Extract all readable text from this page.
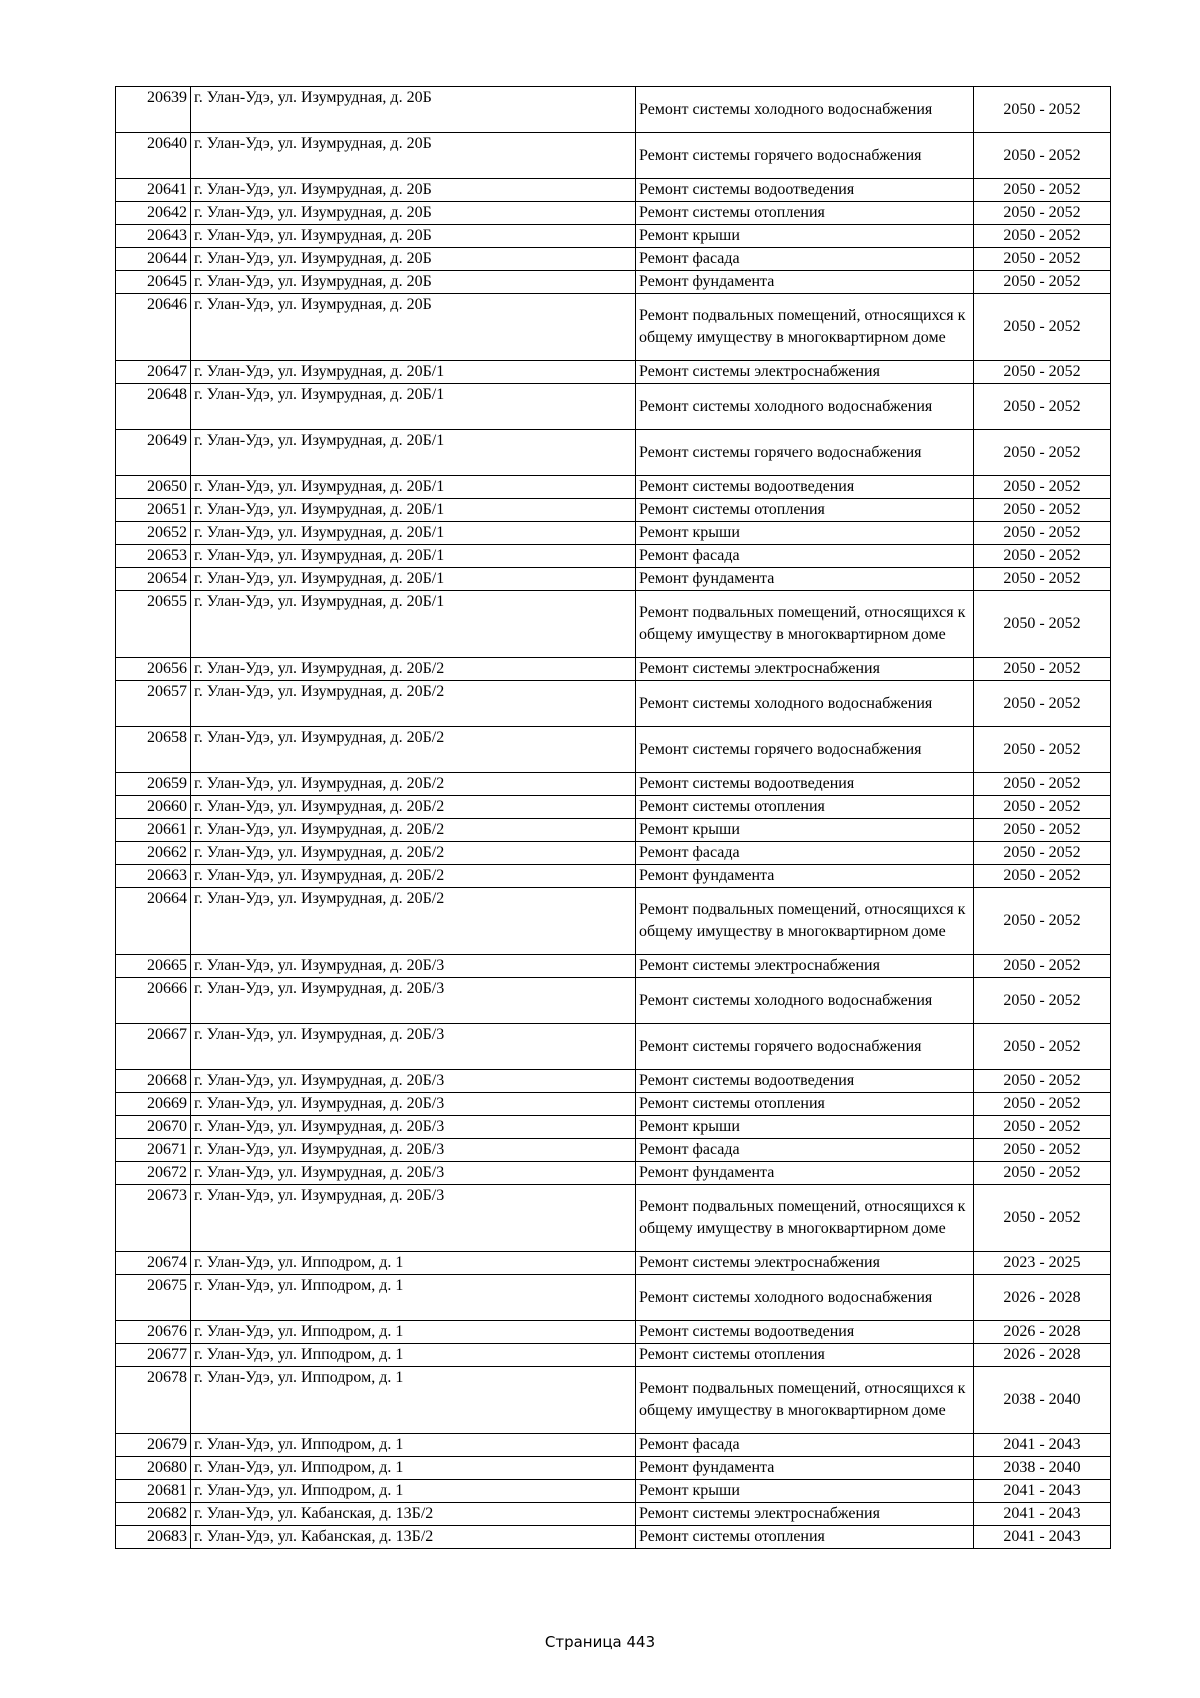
20639	г. Улан-Удэ, ул. Изумрудная, д. 20Б	Ремонт системы холодного водоснабжения	2050 - 2052
20640	г. Улан-Удэ, ул. Изумрудная, д. 20Б	Ремонт системы горячего водоснабжения	2050 - 2052
20641	г. Улан-Удэ, ул. Изумрудная, д. 20Б	Ремонт системы водоотведения	2050 - 2052
20642	г. Улан-Удэ, ул. Изумрудная, д. 20Б	Ремонт системы отопления	2050 - 2052
20643	г. Улан-Удэ, ул. Изумрудная, д. 20Б	Ремонт крыши	2050 - 2052
20644	г. Улан-Удэ, ул. Изумрудная, д. 20Б	Ремонт фасада	2050 - 2052
20645	г. Улан-Удэ, ул. Изумрудная, д. 20Б	Ремонт фундамента	2050 - 2052
20646	г. Улан-Удэ, ул. Изумрудная, д. 20Б	Ремонт подвальных помещений, относящихся к общему имуществу в многоквартирном доме	2050 - 2052
20647	г. Улан-Удэ, ул. Изумрудная, д. 20Б/1	Ремонт системы электроснабжения	2050 - 2052
20648	г. Улан-Удэ, ул. Изумрудная, д. 20Б/1	Ремонт системы холодного водоснабжения	2050 - 2052
20649	г. Улан-Удэ, ул. Изумрудная, д. 20Б/1	Ремонт системы горячего водоснабжения	2050 - 2052
20650	г. Улан-Удэ, ул. Изумрудная, д. 20Б/1	Ремонт системы водоотведения	2050 - 2052
20651	г. Улан-Удэ, ул. Изумрудная, д. 20Б/1	Ремонт системы отопления	2050 - 2052
20652	г. Улан-Удэ, ул. Изумрудная, д. 20Б/1	Ремонт крыши	2050 - 2052
20653	г. Улан-Удэ, ул. Изумрудная, д. 20Б/1	Ремонт фасада	2050 - 2052
20654	г. Улан-Удэ, ул. Изумрудная, д. 20Б/1	Ремонт фундамента	2050 - 2052
20655	г. Улан-Удэ, ул. Изумрудная, д. 20Б/1	Ремонт подвальных помещений, относящихся к общему имуществу в многоквартирном доме	2050 - 2052
20656	г. Улан-Удэ, ул. Изумрудная, д. 20Б/2	Ремонт системы электроснабжения	2050 - 2052
20657	г. Улан-Удэ, ул. Изумрудная, д. 20Б/2	Ремонт системы холодного водоснабжения	2050 - 2052
20658	г. Улан-Удэ, ул. Изумрудная, д. 20Б/2	Ремонт системы горячего водоснабжения	2050 - 2052
20659	г. Улан-Удэ, ул. Изумрудная, д. 20Б/2	Ремонт системы водоотведения	2050 - 2052
20660	г. Улан-Удэ, ул. Изумрудная, д. 20Б/2	Ремонт системы отопления	2050 - 2052
20661	г. Улан-Удэ, ул. Изумрудная, д. 20Б/2	Ремонт крыши	2050 - 2052
20662	г. Улан-Удэ, ул. Изумрудная, д. 20Б/2	Ремонт фасада	2050 - 2052
20663	г. Улан-Удэ, ул. Изумрудная, д. 20Б/2	Ремонт фундамента	2050 - 2052
20664	г. Улан-Удэ, ул. Изумрудная, д. 20Б/2	Ремонт подвальных помещений, относящихся к общему имуществу в многоквартирном доме	2050 - 2052
20665	г. Улан-Удэ, ул. Изумрудная, д. 20Б/3	Ремонт системы электроснабжения	2050 - 2052
20666	г. Улан-Удэ, ул. Изумрудная, д. 20Б/3	Ремонт системы холодного водоснабжения	2050 - 2052
20667	г. Улан-Удэ, ул. Изумрудная, д. 20Б/3	Ремонт системы горячего водоснабжения	2050 - 2052
20668	г. Улан-Удэ, ул. Изумрудная, д. 20Б/3	Ремонт системы водоотведения	2050 - 2052
20669	г. Улан-Удэ, ул. Изумрудная, д. 20Б/3	Ремонт системы отопления	2050 - 2052
20670	г. Улан-Удэ, ул. Изумрудная, д. 20Б/3	Ремонт крыши	2050 - 2052
20671	г. Улан-Удэ, ул. Изумрудная, д. 20Б/3	Ремонт фасада	2050 - 2052
20672	г. Улан-Удэ, ул. Изумрудная, д. 20Б/3	Ремонт фундамента	2050 - 2052
20673	г. Улан-Удэ, ул. Изумрудная, д. 20Б/3	Ремонт подвальных помещений, относящихся к общему имуществу в многоквартирном доме	2050 - 2052
20674	г. Улан-Удэ, ул. Ипподром, д. 1	Ремонт системы электроснабжения	2023 - 2025
20675	г. Улан-Удэ, ул. Ипподром, д. 1	Ремонт системы холодного водоснабжения	2026 - 2028
20676	г. Улан-Удэ, ул. Ипподром, д. 1	Ремонт системы водоотведения	2026 - 2028
20677	г. Улан-Удэ, ул. Ипподром, д. 1	Ремонт системы отопления	2026 - 2028
20678	г. Улан-Удэ, ул. Ипподром, д. 1	Ремонт подвальных помещений, относящихся к общему имуществу в многоквартирном доме	2038 - 2040
20679	г. Улан-Удэ, ул. Ипподром, д. 1	Ремонт фасада	2041 - 2043
20680	г. Улан-Удэ, ул. Ипподром, д. 1	Ремонт фундамента	2038 - 2040
20681	г. Улан-Удэ, ул. Ипподром, д. 1	Ремонт крыши	2041 - 2043
20682	г. Улан-Удэ, ул. Кабанская, д. 13Б/2	Ремонт системы электроснабжения	2041 - 2043
20683	г. Улан-Удэ, ул. Кабанская, д. 13Б/2	Ремонт системы отопления	2041 - 2043
Страница 443
